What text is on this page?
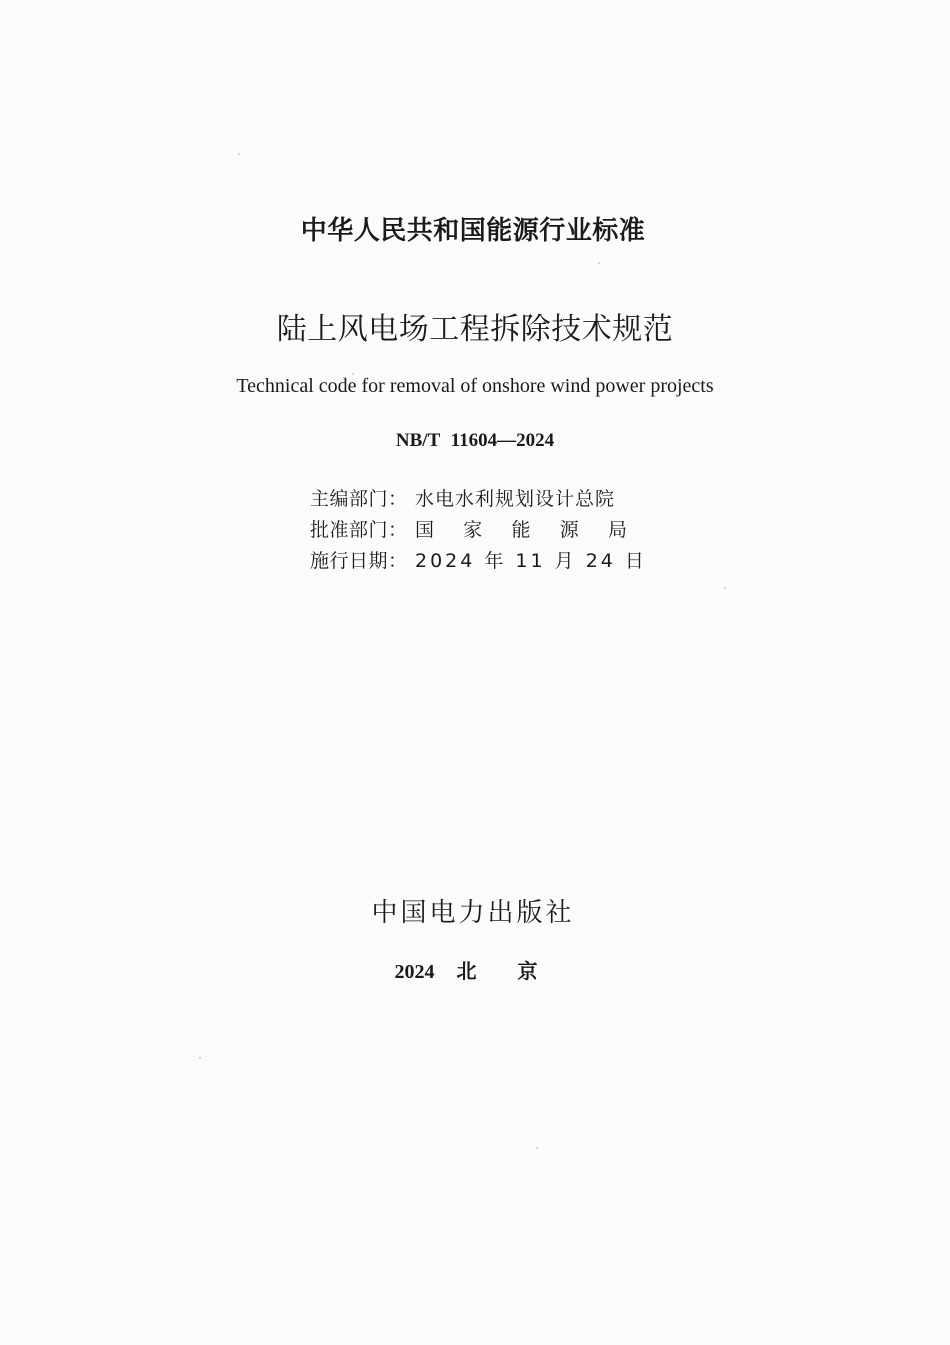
中华人民共和国能源行业标准
陆上风电场工程拆除技术规范
Technical code for removal of onshore wind power projects
NB/T 11604—2024
主编部门： 水电水利规划设计总院
批准部门： 国 家 能 源 局
施行日期： 2024 年 11 月 24 日
中国电力出版社
2024 北 京
